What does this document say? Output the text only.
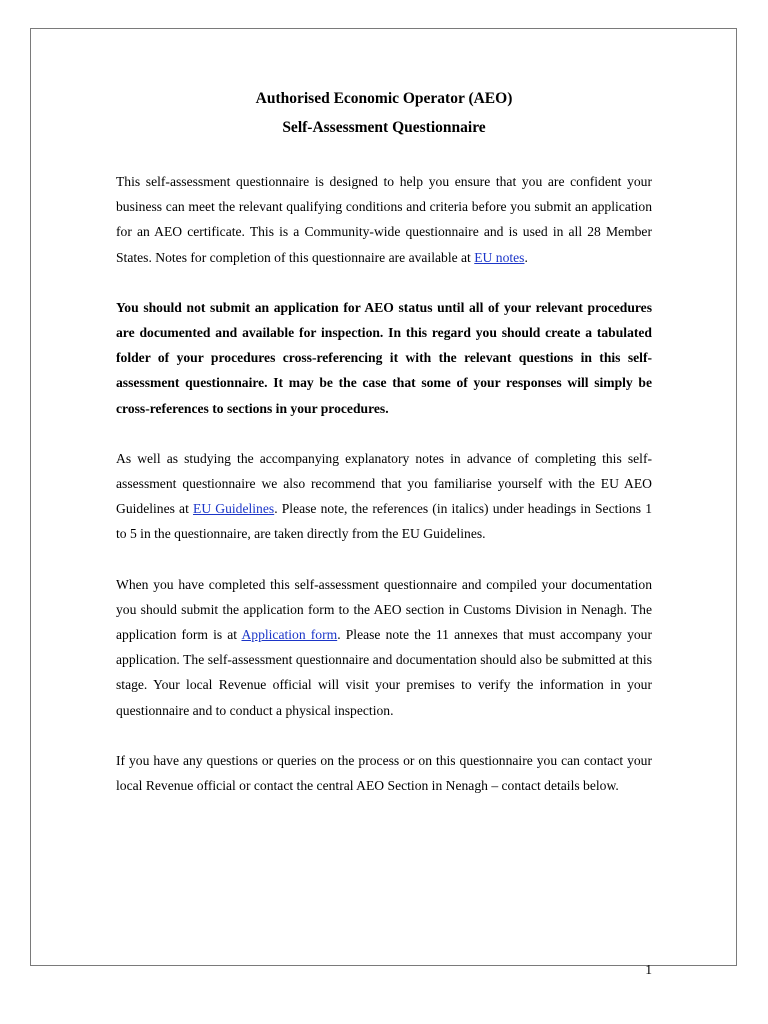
Authorised Economic Operator (AEO)

Self-Assessment Questionnaire

This self-assessment questionnaire is designed to help you ensure that you are confident your business can meet the relevant qualifying conditions and criteria before you submit an application for an AEO certificate. This is a Community-wide questionnaire and is used in all 28 Member States. Notes for completion of this questionnaire are available at EU notes.

You should not submit an application for AEO status until all of your relevant procedures are documented and available for inspection. In this regard you should create a tabulated folder of your procedures cross-referencing it with the relevant questions in this self-assessment questionnaire. It may be the case that some of your responses will simply be cross-references to sections in your procedures.

As well as studying the accompanying explanatory notes in advance of completing this self-assessment questionnaire we also recommend that you familiarise yourself with the EU AEO Guidelines at EU Guidelines. Please note, the references (in italics) under headings in Sections 1 to 5 in the questionnaire, are taken directly from the EU Guidelines.

When you have completed this self-assessment questionnaire and compiled your documentation you should submit the application form to the AEO section in Customs Division in Nenagh. The application form is at Application form. Please note the 11 annexes that must accompany your application. The self-assessment questionnaire and documentation should also be submitted at this stage. Your local Revenue official will visit your premises to verify the information in your questionnaire and to conduct a physical inspection.

If you have any questions or queries on the process or on this questionnaire you can contact your local Revenue official or contact the central AEO Section in Nenagh – contact details below.

1
